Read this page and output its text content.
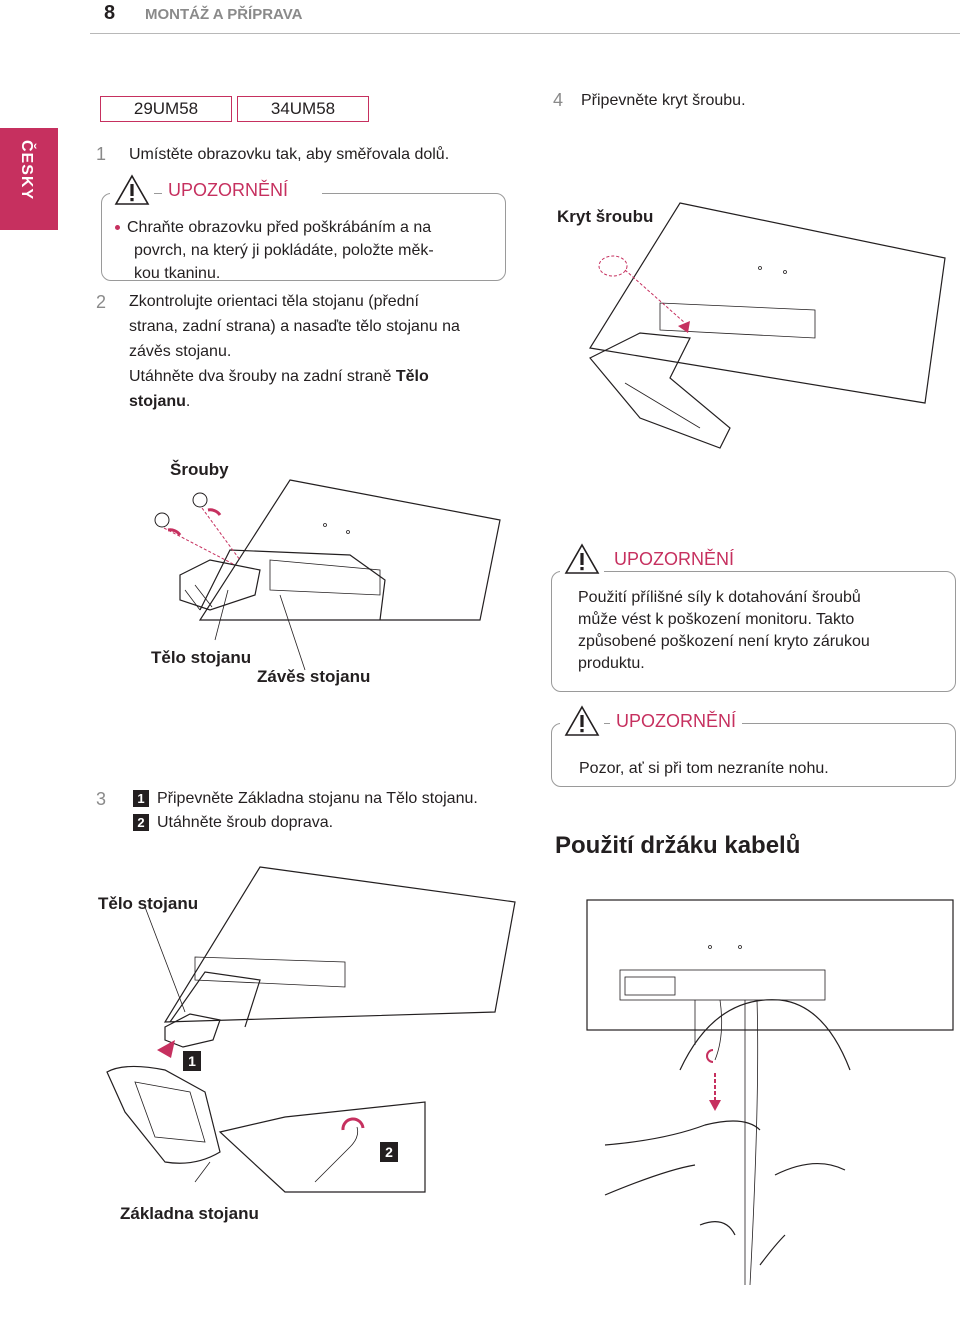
8 MONTÁŽ A PŘÍPRAVA
ČESKY
29UM58	34UM58
1 Umístěte obrazovku tak, aby směřovala dolů.
UPOZORNĚNÍ
Chraňte obrazovku před poškrábáním a na
povrch, na který ji pokládáte, položte měk-
kou tkaninu.
2 Zkontrolujte orientaci těla stojanu (přední
strana, zadní strana) a nasaďte tělo stojanu na
závěs stojanu.
Utáhněte dva šrouby na zadní straně Tělo
stojanu.
Šrouby
Tělo stojanu
Závěs stojanu
3	1 Připevněte Základna stojanu na Tělo stojanu.
2 Utáhněte šroub doprava.
Tělo stojanu
1
2
Základna stojanu
4 Připevněte kryt šroubu.
Kryt šroubu
UPOZORNĚNÍ
Použití přílišné síly k dotahování šroubů
může vést k poškození monitoru. Takto
způsobené poškození není kryto zárukou
produktu.
UPOZORNĚNÍ
Pozor, ať si při tom nezraníte nohu.
Použití držáku kabelů
